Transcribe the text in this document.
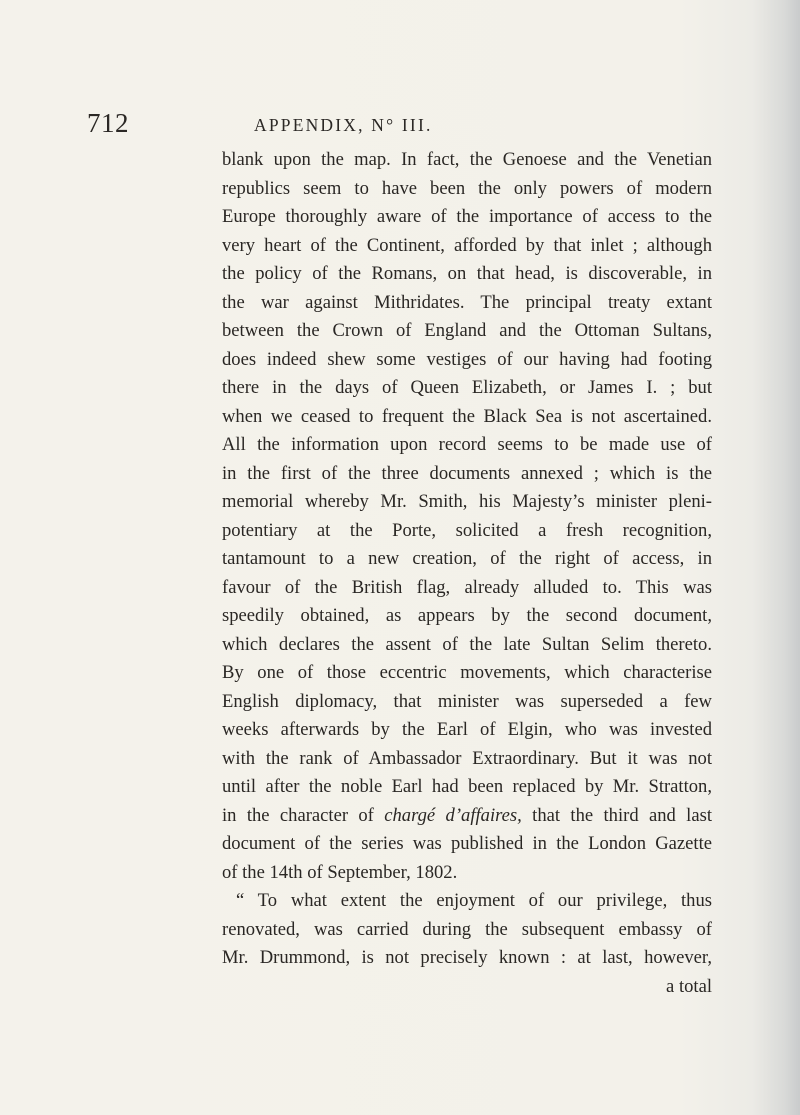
712	APPENDIX, N° III.
blank upon the map. In fact, the Genoese and the Venetian
republics seem to have been the only powers of modern
Europe thoroughly aware of the importance of access to the
very heart of the Continent, afforded by that inlet ; although
the policy of the Romans, on that head, is discoverable, in
the war against Mithridates. The principal treaty extant
between the Crown of England and the Ottoman Sultans,
does indeed shew some vestiges of our having had footing
there in the days of Queen Elizabeth, or James I. ; but
when we ceased to frequent the Black Sea is not ascertained.
All the information upon record seems to be made use of
in the first of the three documents annexed ; which is the
memorial whereby Mr. Smith, his Majesty’s minister pleni-
potentiary at the Porte, solicited a fresh recognition,
tantamount to a new creation, of the right of access, in
favour of the British flag, already alluded to. This was
speedily obtained, as appears by the second document,
which declares the assent of the late Sultan Selim thereto.
By one of those eccentric movements, which characterise
English diplomacy, that minister was superseded a few
weeks afterwards by the Earl of Elgin, who was invested
with the rank of Ambassador Extraordinary. But it was not
until after the noble Earl had been replaced by Mr. Stratton,
in the character of chargé d’affaires, that the third and last
document of the series was published in the London Gazette
of the 14th of September, 1802.
“ To what extent the enjoyment of our privilege, thus
renovated, was carried during the subsequent embassy of
Mr. Drummond, is not precisely known : at last, however,
a total
